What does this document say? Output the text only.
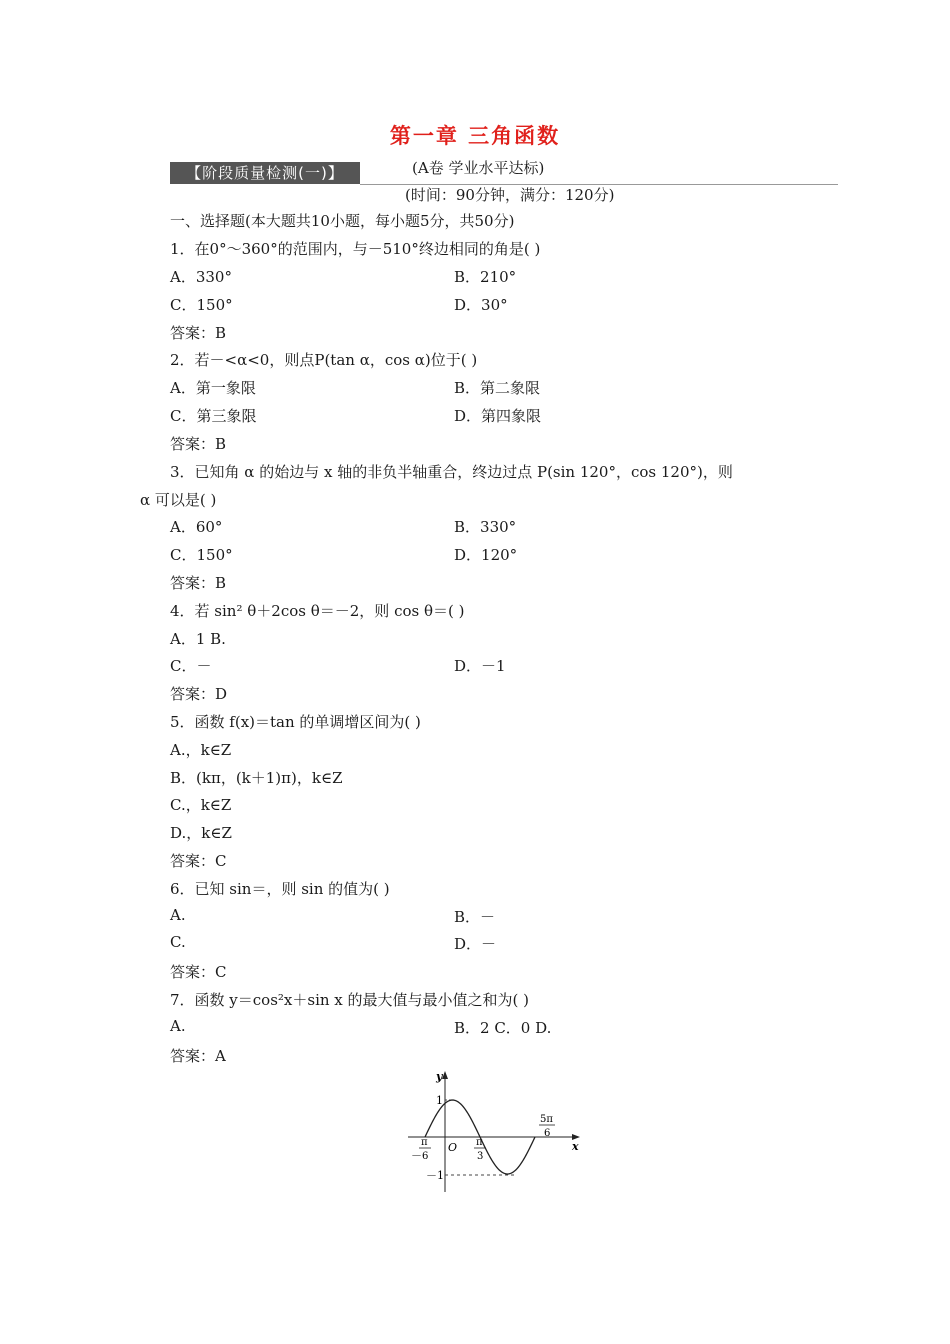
第一章 三角函数
【阶段质量检测(一)】	(A卷 学业水平达标)
(时间：90分钟，满分：120分)
一、选择题(本大题共10小题，每小题5分，共50分)
1．在0°～360°的范围内，与－510°终边相同的角是( )
A．330°	B．210°
C．150°	D．30°
答案：B
2．若－<α<0，则点P(tan α，cos α)位于( )
A．第一象限	B．第二象限
C．第三象限	D．第四象限
答案：B
3．已知角 α 的始边与 x 轴的非负半轴重合，终边过点 P(sin 120°，cos 120°)，则
α 可以是( )
A．60°	B．330°
C．150°	D．120°
答案：B
4．若 sin² θ＋2cos θ＝－2，则 cos θ＝( )
A．1 B.
C．－	D．－1
答案：D
5．函数 f(x)＝tan 的单调增区间为( )
A.，k∈Z
B．(kπ，(k＋1)π)，k∈Z
C.，k∈Z
D.，k∈Z
答案：C
6．已知 sin＝，则 sin 的值为( )
A.	B．－
C.	D．－
答案：C
7．函数 y＝cos²x＋sin x 的最大值与最小值之和为( )
A.	B．2 C．0 D.
答案：A
y
x
O
1
－1
－
π
6
π
3
5π
6
